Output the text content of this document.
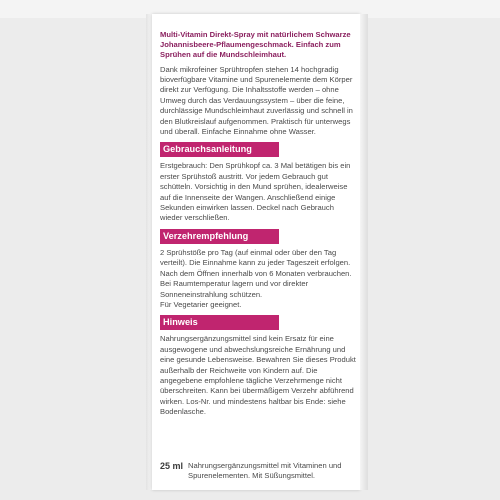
Multi-Vitamin Direkt-Spray mit natürlichem Schwarze Johannisbeere-Pflaumengeschmack. Einfach zum Sprühen auf die Mundschleimhaut.

Dank mikrofeiner Sprühtropfen stehen 14 hochgradig bioverfügbare Vitamine und Spurenelemente dem Körper direkt zur Verfügung. Die Inhaltsstoffe werden – ohne Umweg durch das Verdauungssystem – über die feine, durchlässige Mundschleimhaut zuverlässig und schnell in den Blutkreislauf aufgenommen. Praktisch für unterwegs und überall. Einfache Einnahme ohne Wasser.

Gebrauchsanleitung

Erstgebrauch: Den Sprühkopf ca. 3 Mal betätigen bis ein erster Sprühstoß austritt. Vor jedem Gebrauch gut schütteln. Vorsichtig in den Mund sprühen, idealerweise auf die Innenseite der Wangen. Anschließend einige Sekunden einwirken lassen. Deckel nach Gebrauch wieder verschließen.

Verzehrempfehlung

2 Sprühstöße pro Tag (auf einmal oder über den Tag verteilt). Die Einnahme kann zu jeder Tageszeit erfolgen. Nach dem Öffnen innerhalb von 6 Monaten verbrauchen. Bei Raumtemperatur lagern und vor direkter Sonneneinstrahlung schützen.

Für Vegetarier geeignet.

Hinweis

Nahrungsergänzungsmittel sind kein Ersatz für eine ausgewogene und abwechslungsreiche Ernährung und eine gesunde Lebensweise. Bewahren Sie dieses Produkt außerhalb der Reichweite von Kindern auf. Die angegebene empfohlene tägliche Verzehrmenge nicht überschreiten. Kann bei übermäßigem Verzehr abführend wirken. Los-Nr. und mindestens haltbar bis Ende: siehe Bodenlasche.

25 ml Nahrungsergänzungsmittel mit Vitaminen und Spurenelementen. Mit Süßungsmittel.
